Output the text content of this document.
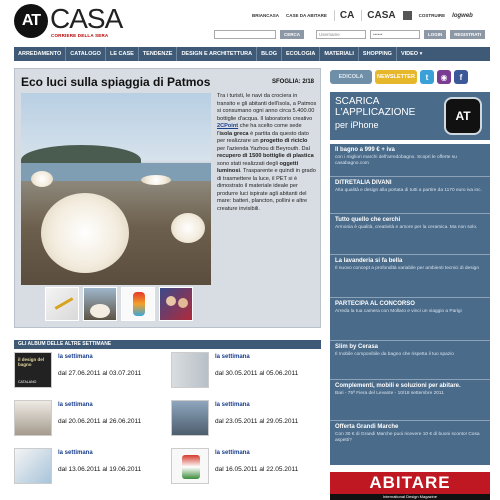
AT CASA
CORRIERE DELLA SERA
BRIANCASA CASE DA ABITARE	CA	CASA	COSTRUIRE logweb
CERCA	Username	••••••	LOGIN	REGISTRATI
ARREDAMENTO	CATALOGO	LE CASE	TENDENZE	DESIGN E ARCHITETTURA	BLOG	ECOLOGIA	MATERIALI	SHOPPING	VIDEO ▾
Eco luci sulla spiaggia di Patmos	SFOGLIA: 2/18
Tra i turisti, le navi da crociera in transito e gli abitanti dell'isola, a Patmos si consumano ogni anno circa 5.400.00 bottiglie d'acqua. Il laboratorio creativo 2CPoint che ha scelto come sede l'isola greca è partita da questo dato per realizzare un progetto di riciclo per l'azienda Yazhou di Beyrouth. Dal recupero di 1500 bottiglie di plastica sono stati realizzati degli oggetti luminosi. Trasparente e quindi in grado di trasmettere la luce, il PET si è dimostrato il materiale ideale per produrre luci ispirate agli abitanti del mare: batteri, plancton, pollini e altre creature invisibili.
GLI ALBUM DELLE ALTRE SETTIMANE
il design del bagno
CATALANO
la settimana
dal 27.06.2011 al 03.07.2011
la settimana
dal 30.05.2011 al 05.06.2011
la settimana
dal 20.06.2011 al 26.06.2011
la settimana
dal 23.05.2011 al 29.05.2011
la settimana
dal 13.06.2011 al 19.06.2011
la settimana
dal 16.05.2011 al 22.05.2011
EDICOLA	NEWSLETTER	t	◉	f
SCARICA
L'APPLICAZIONE
per iPhone
AT
Il bagno a 999 € + iva
con i migliori marchi dell'arredobagno. Scopri le offerte su casabagno.com
DITRETALIA DIVANI
Alta qualità e design alla portata di tutti a partire da 1170 euro iva inc.
Tutto quello che cerchi
Armonia è qualità, creatività e amore per la ceramica. Ma non solo.
La lavanderia si fa bella
Il nuovo concept a profondità variabile per ambienti tecnici di design
PARTECIPA AL CONCORSO
Arreda la tua camera con Mollaro e vinci un viaggio a Parigi
Slim by Cerasa
Il mobile componibile da bagno che rispetta il tuo spazio
Complementi, mobili e soluzioni per abitare.
Bari - 75ª Fiera del Levante - 10/18 settembre 2011
Offerta Grandi Marche
Con 30 € di Grandi Marche puoi ricevere 10 € di buoni sconto! Cosa aspetti?
ABITARE
International Design Magazine
